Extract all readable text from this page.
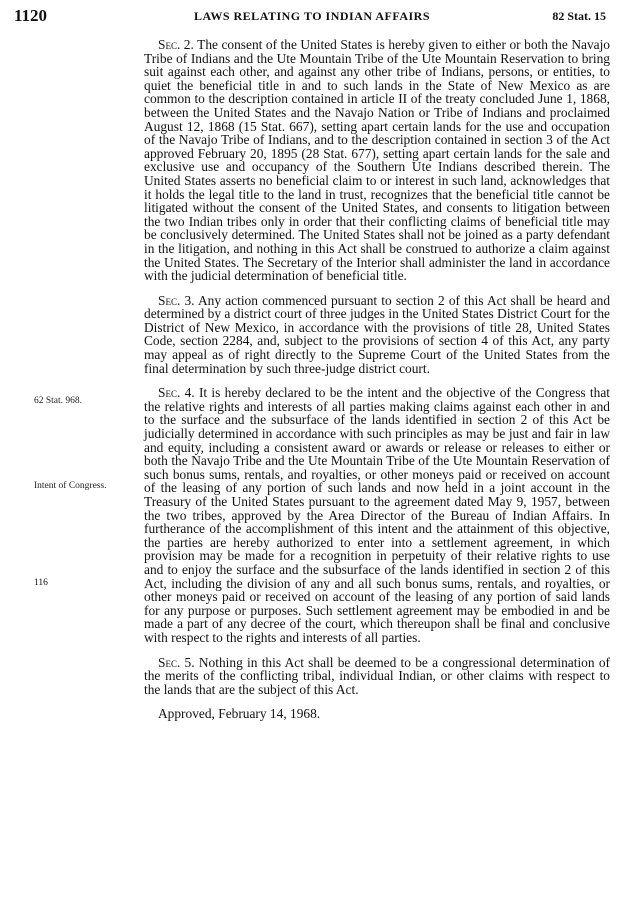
1120	LAWS RELATING TO INDIAN AFFAIRS	82 Stat. 15
62 Stat. 968.
Intent of Congress.
116

Sec. 2. The consent of the United States is hereby given to either or both the Navajo Tribe of Indians and the Ute Mountain Tribe of the Ute Mountain Reservation to bring suit against each other, and against any other tribe of Indians, persons, or entities, to quiet the beneficial title in and to such lands in the State of New Mexico as are common to the description contained in article II of the treaty concluded June 1, 1868, between the United States and the Navajo Nation or Tribe of Indians and proclaimed August 12, 1868 (15 Stat. 667), setting apart certain lands for the use and occupation of the Navajo Tribe of Indians, and to the description contained in section 3 of the Act approved February 20, 1895 (28 Stat. 677), setting apart certain lands for the sale and exclusive use and occupancy of the Southern Ute Indians described therein. The United States asserts no beneficial claim to or interest in such land, acknowledges that it holds the legal title to the land in trust, recognizes that the beneficial title cannot be litigated without the consent of the United States, and consents to litigation between the two Indian tribes only in order that their conflicting claims of beneficial title may be conclusively determined. The United States shall not be joined as a party defendant in the litigation, and nothing in this Act shall be construed to authorize a claim against the United States. The Secretary of the Interior shall administer the land in accordance with the judicial determination of beneficial title.

Sec. 3. Any action commenced pursuant to section 2 of this Act shall be heard and determined by a district court of three judges in the United States District Court for the District of New Mexico, in accordance with the provisions of title 28, United States Code, section 2284, and, subject to the provisions of section 4 of this Act, any party may appeal as of right directly to the Supreme Court of the United States from the final determination by such three-judge district court.

Sec. 4. It is hereby declared to be the intent and the objective of the Congress that the relative rights and interests of all parties making claims against each other in and to the surface and the subsurface of the lands identified in section 2 of this Act be judicially determined in accordance with such principles as may be just and fair in law and equity, including a consistent award or awards or release or releases to either or both the Navajo Tribe and the Ute Mountain Tribe of the Ute Mountain Reservation of such bonus sums, rentals, and royalties, or other moneys paid or received on account of the leasing of any portion of such lands and now held in a joint account in the Treasury of the United States pursuant to the agreement dated May 9, 1957, between the two tribes, approved by the Area Director of the Bureau of Indian Affairs. In furtherance of the accomplishment of this intent and the attainment of this objective, the parties are hereby authorized to enter into a settlement agreement, in which provision may be made for a recognition in perpetuity of their relative rights to use and to enjoy the surface and the subsurface of the lands identified in section 2 of this Act, including the division of any and all such bonus sums, rentals, and royalties, or other moneys paid or received on account of the leasing of any portion of said lands for any purpose or purposes. Such settlement agreement may be embodied in and be made a part of any decree of the court, which thereupon shall be final and conclusive with respect to the rights and interests of all parties.

Sec. 5. Nothing in this Act shall be deemed to be a congressional determination of the merits of the conflicting tribal, individual Indian, or other claims with respect to the lands that are the subject of this Act.

Approved, February 14, 1968.
